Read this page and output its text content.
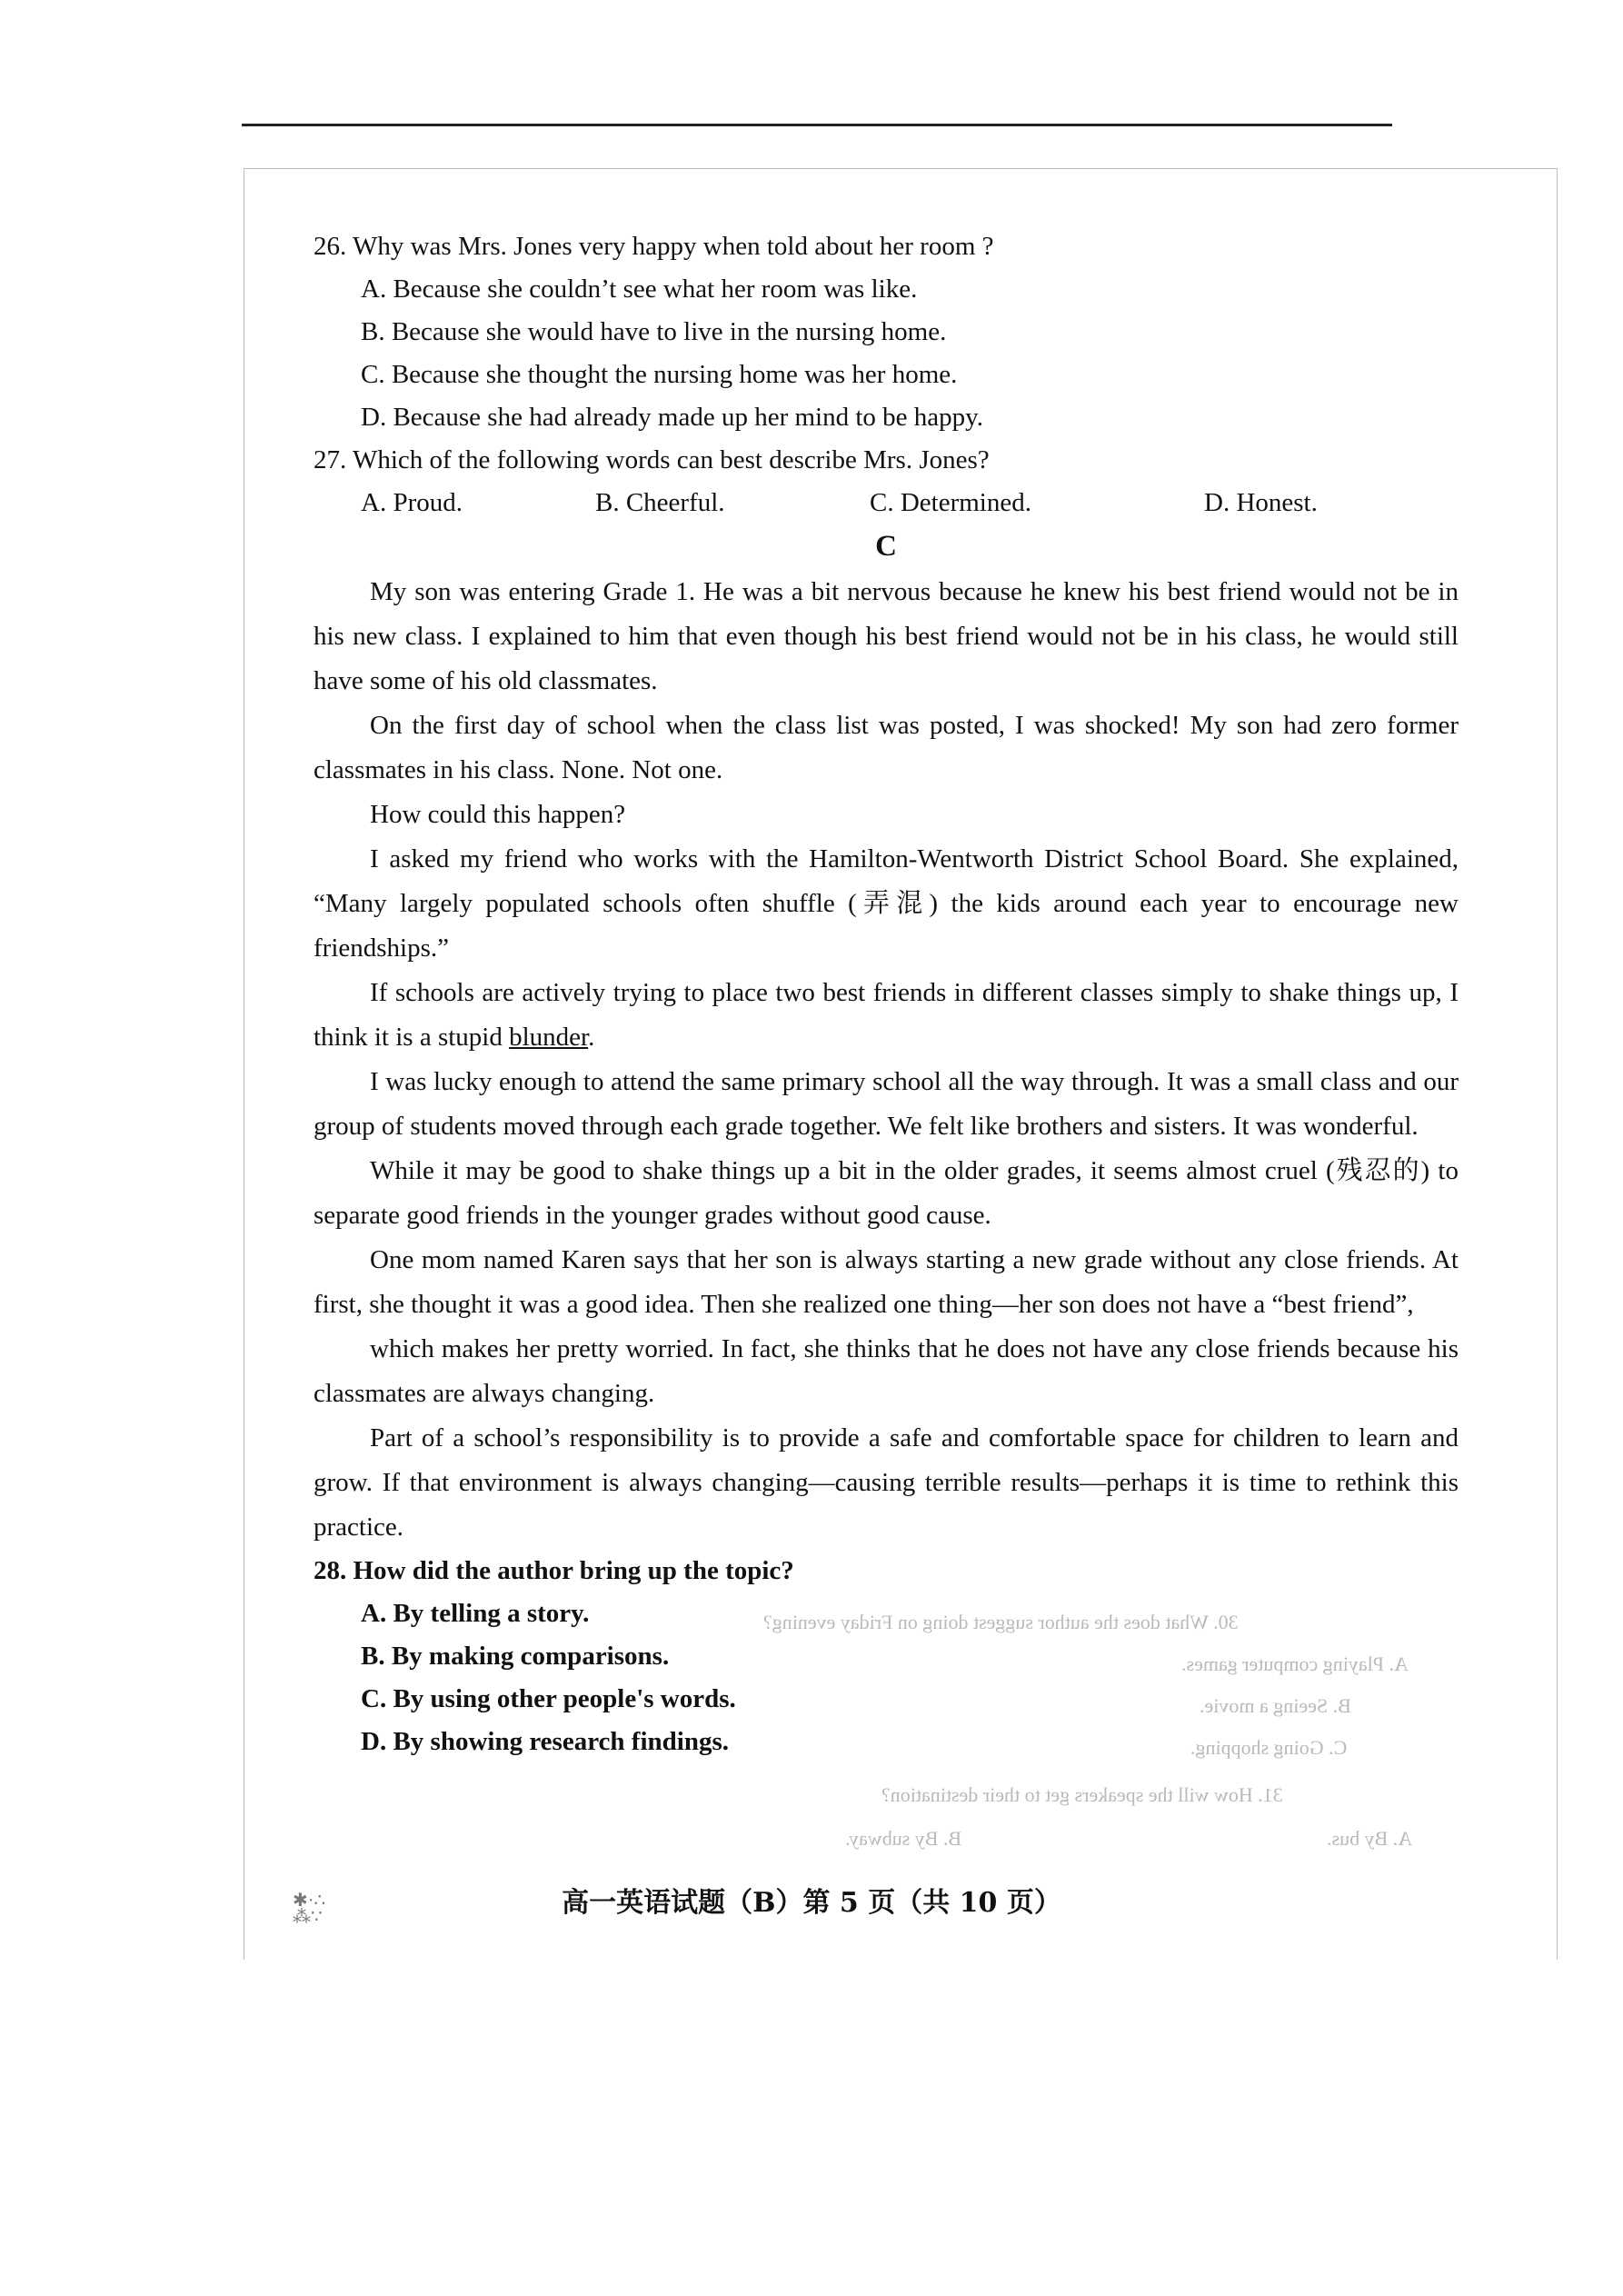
26. Why was Mrs. Jones very happy when told about her room ?

A. Because she couldn’t see what her room was like.

B. Because she would have to live in the nursing home.

C. Because she thought the nursing home was her home.

D. Because she had already made up her mind to be happy.

27. Which of the following words can best describe Mrs. Jones?

A. Proud.	B. Cheerful.	C. Determined.	D. Honest.

C

My son was entering Grade 1. He was a bit nervous because he knew his best friend would not be in his new class. I explained to him that even though his best friend would not be in his class, he would still have some of his old classmates.

On the first day of school when the class list was posted, I was shocked! My son had zero former classmates in his class. None. Not one.

How could this happen?

I asked my friend who works with the Hamilton-Wentworth District School Board. She explained, “Many largely populated schools often shuffle (弄混) the kids around each year to encourage new friendships.”

If schools are actively trying to place two best friends in different classes simply to shake things up, I think it is a stupid blunder.

I was lucky enough to attend the same primary school all the way through. It was a small class and our group of students moved through each grade together. We felt like brothers and sisters. It was wonderful.

While it may be good to shake things up a bit in the older grades, it seems almost cruel (残忍的) to separate good friends in the younger grades without good cause.

One mom named Karen says that her son is always starting a new grade without any close friends. At first, she thought it was a good idea. Then she realized one thing—her son does not have a “best friend”,

which makes her pretty worried. In fact, she thinks that he does not have any close friends because his classmates are always changing.

Part of a school’s responsibility is to provide a safe and comfortable space for children to learn and grow. If that environment is always changing—causing terrible results—perhaps it is time to rethink this practice.

28. How did the author bring up the topic?

A. By telling a story.

B. By making comparisons.

C. By using other people's words.

D. By showing research findings.

30. What does the author suggest doing on Friday evening?
A. Playing computer games.
B. Seeing a movie.
C. Going shopping.
31. How will the speakers get to their destination?
A. By bus.
B. By subway.
✱·∴
⁂∵	高一英语试题（B）第 5 页（共 10 页）
